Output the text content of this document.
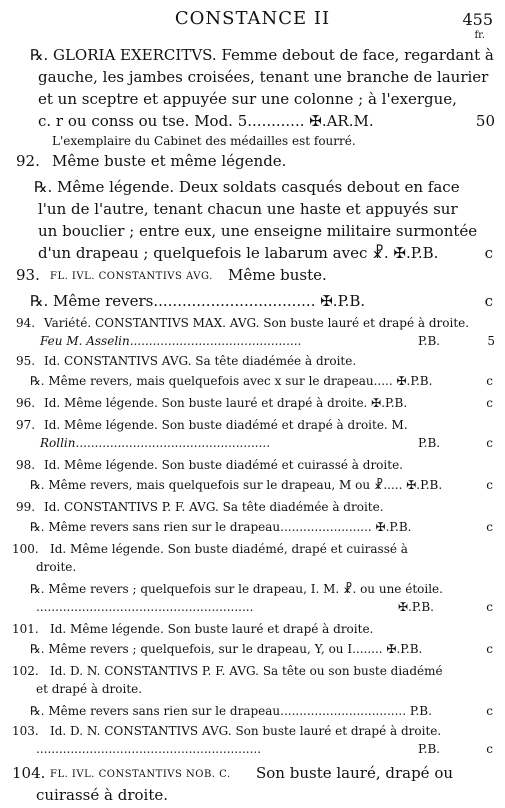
CONSTANCE II	455
fr.
℞. GLORIA EXERCITVS. Femme debout de face, regardant à
gauche, les jambes croisées, tenant une branche de laurier
et un sceptre et appuyée sur une colonne ; à l'exergue,
c. r ou conss ou tse. Mod. 5............ ✠.AR.M.	50
L'exemplaire du Cabinet des médailles est fourré.
92. Même buste et même légende.
℞. Même légende. Deux soldats casqués debout en face
l'un de l'autre, tenant chacun une haste et appuyés sur
un bouclier ; entre eux, une enseigne militaire surmontée
d'un drapeau ; quelquefois le labarum avec ☧. ✠.P.B.	c
93. FL. IVL. CONSTANTIVS AVG. Même buste.
℞. Même revers.................................. ✠.P.B.	c
94. Variété. CONSTANTIVS MAX. AVG. Son buste lauré et drapé à droite.
Feu M. Asselin.............................................	P.B.	5
95. Id. CONSTANTIVS AVG. Sa tête diadémée à droite.
℞. Même revers, mais quelquefois avec x sur le drapeau..... ✠.P.B.	c
96. Id. Même légende. Son buste lauré et drapé à droite. ✠.P.B.	c
97. Id. Même légende. Son buste diadémé et drapé à droite. M.
Rollin...................................................	P.B.	c
98. Id. Même légende. Son buste diadémé et cuirassé à droite.
℞. Même revers, mais quelquefois sur le drapeau, M ou ☧..... ✠.P.B.	c
99. Id. CONSTANTIVS P. F. AVG. Sa tête diadémée à droite.
℞. Même revers sans rien sur le drapeau........................ ✠.P.B.	c
100. Id. Même légende. Son buste diadémé, drapé et cuirassé à
droite.
℞. Même revers ; quelquefois sur le drapeau, I. M. ☧. ou une étoile.
.........................................................	✠.P.B.	c
101. Id. Même légende. Son buste lauré et drapé à droite.
℞. Même revers ; quelquefois, sur le drapeau, Y, ou I........ ✠.P.B.	c
102. Id. D. N. CONSTANTIVS P. F. AVG. Sa tête ou son buste diadémé
et drapé à droite.
℞. Même revers sans rien sur le drapeau................................. P.B.	c
103. Id. D. N. CONSTANTIVS AVG. Son buste lauré et drapé à droite.
...........................................................	P.B.	c
104. FL. IVL. CONSTANTIVS NOB. C. Son buste lauré, drapé ou
cuirassé à droite.
